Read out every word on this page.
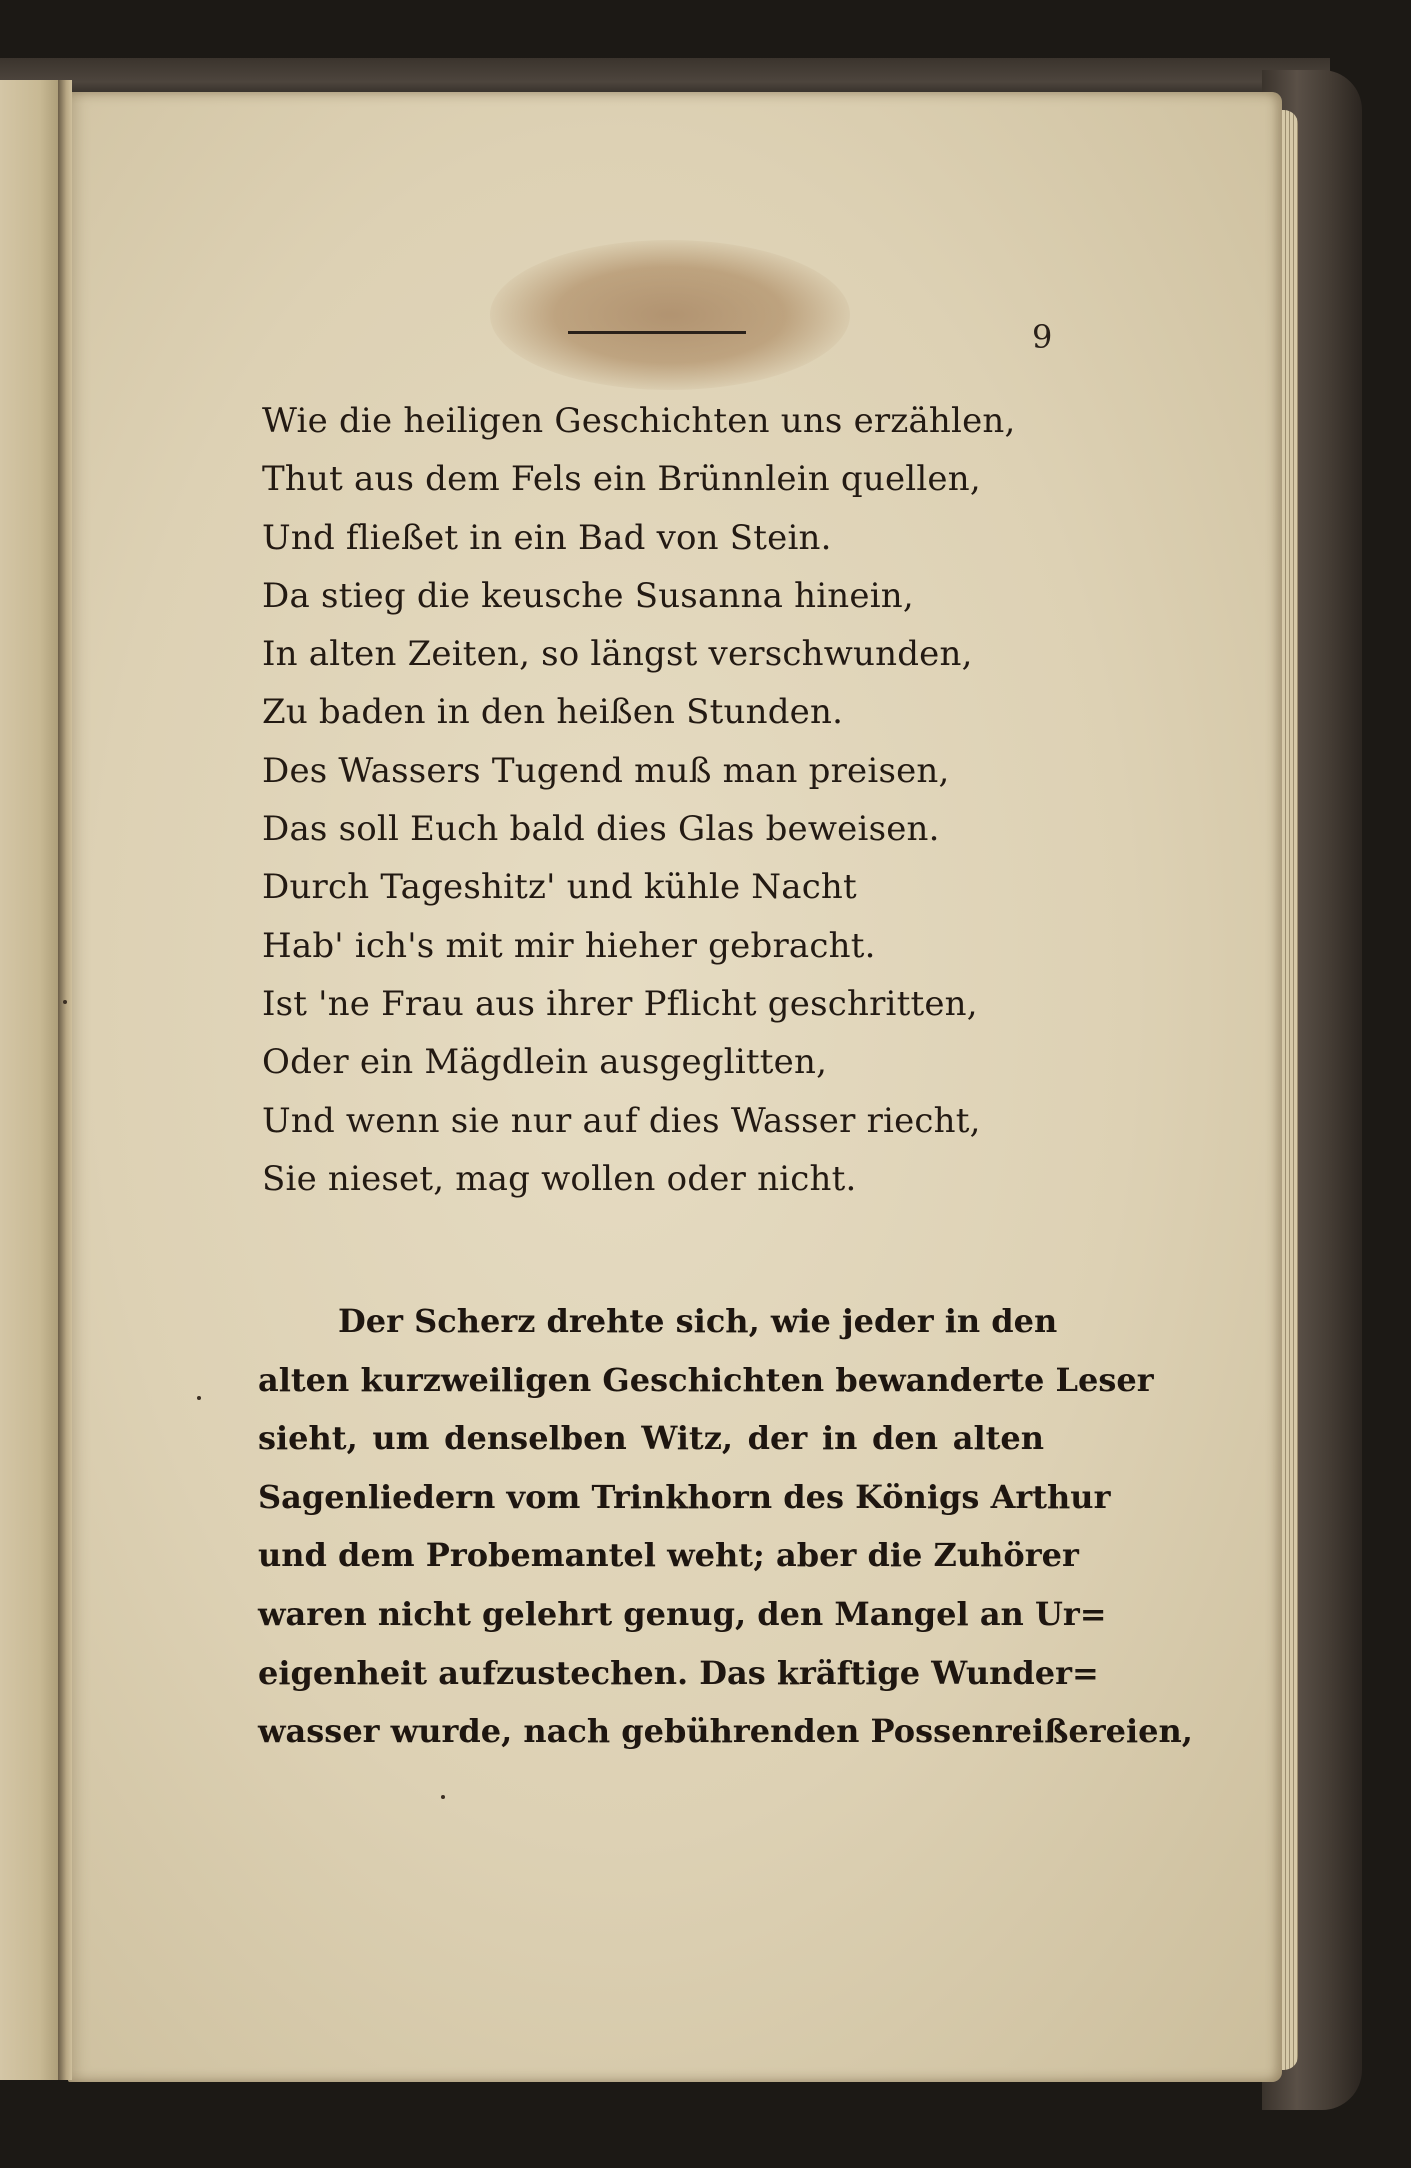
9
Wie die heiligen Geschichten uns erzählen,
Thut aus dem Fels ein Brünnlein quellen,
Und fließet in ein Bad von Stein.
Da stieg die keusche Susanna hinein,
In alten Zeiten, so längst verschwunden,
Zu baden in den heißen Stunden.
Des Wassers Tugend muß man preisen,
Das soll Euch bald dies Glas beweisen.
Durch Tageshitz' und kühle Nacht
Hab' ich's mit mir hieher gebracht.
Ist 'ne Frau aus ihrer Pflicht geschritten,
Oder ein Mägdlein ausgeglitten,
Und wenn sie nur auf dies Wasser riecht,
Sie nieset, mag wollen oder nicht.
Der Scherz drehte sich, wie jeder in den
alten kurzweiligen Geschichten bewanderte Leser
sieht, um denselben Witz, der in den alten
Sagenliedern vom Trinkhorn des Königs Arthur
und dem Probemantel weht; aber die Zuhörer
waren nicht gelehrt genug, den Mangel an Ur=
eigenheit aufzustechen. Das kräftige Wunder=
wasser wurde, nach gebührenden Possenreißereien,
